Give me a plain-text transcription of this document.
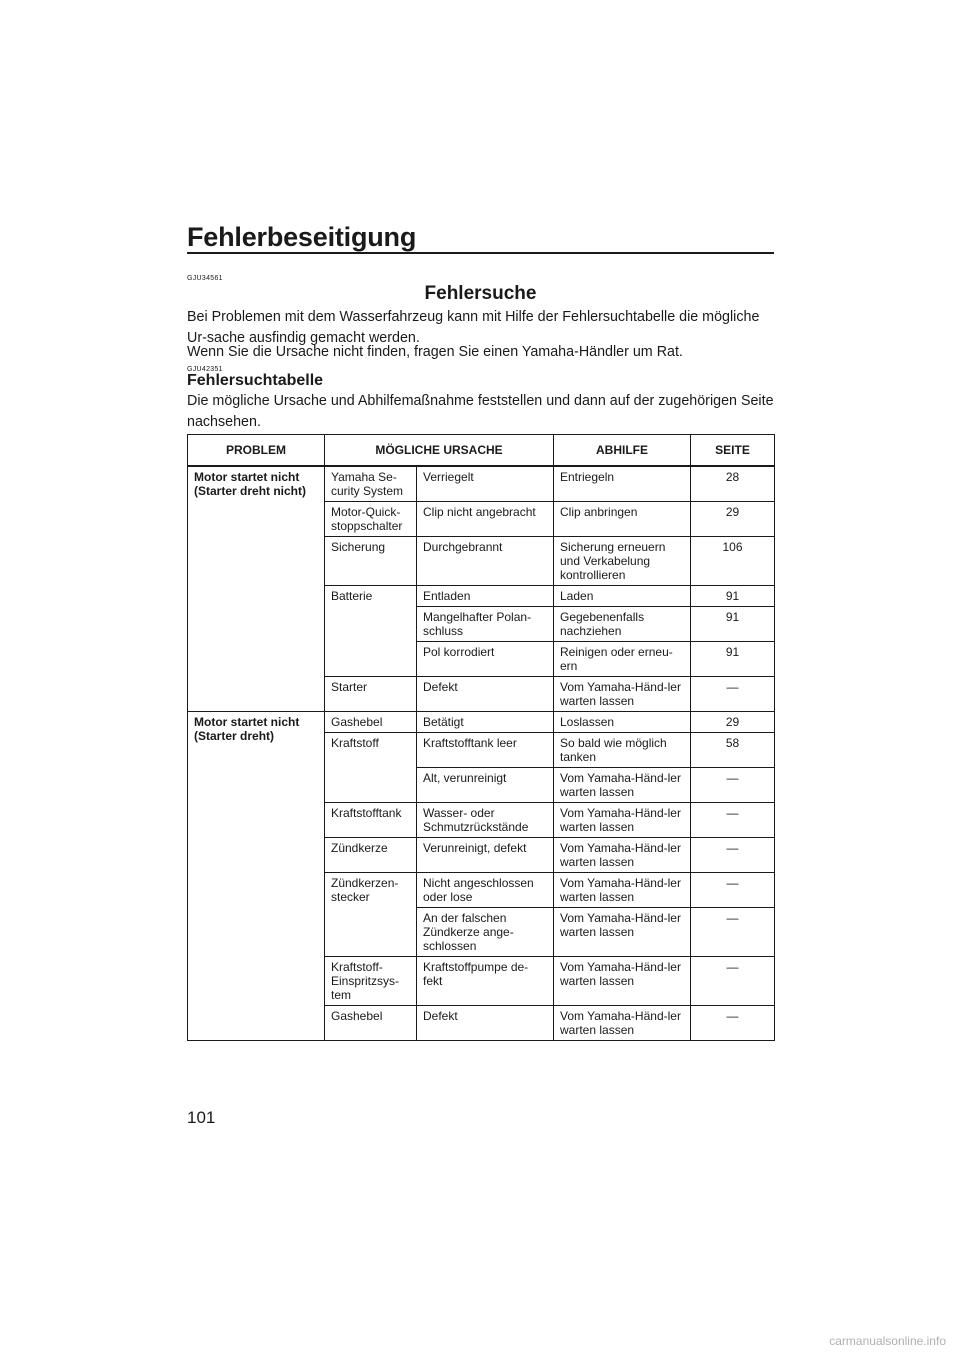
Fehlerbeseitigung
GJU34561
Fehlersuche

Bei Problemen mit dem Wasserfahrzeug kann mit Hilfe der Fehlersuchtabelle die mögliche Ur-sache ausfindig gemacht werden.

Wenn Sie die Ursache nicht finden, fragen Sie einen Yamaha-Händler um Rat.

GJU42351
Fehlersuchtabelle

Die mögliche Ursache und Abhilfemaßnahme feststellen und dann auf der zugehörigen Seite nachsehen.

PROBLEM	MÖGLICHE URSACHE		ABHILFE	SEITE
Motor startet nicht (Starter dreht nicht)	Yamaha Se-curity System	Verriegelt	Entriegeln	28
	Motor-Quick-stoppschalter	Clip nicht angebracht	Clip anbringen	29
	Sicherung	Durchgebrannt	Sicherung erneuern und Verkabelung kontrollieren	106
	Batterie	Entladen	Laden	91
		Mangelhafter Polan-schluss	Gegebenenfalls nachziehen	91
		Pol korrodiert	Reinigen oder erneu-ern	91
	Starter	Defekt	Vom Yamaha-Händ-ler warten lassen	—
Motor startet nicht (Starter dreht)	Gashebel	Betätigt	Loslassen	29
	Kraftstoff	Kraftstofftank leer	So bald wie möglich tanken	58
		Alt, verunreinigt	Vom Yamaha-Händ-ler warten lassen	—
	Kraftstofftank	Wasser- oder Schmutzrückstände	Vom Yamaha-Händ-ler warten lassen	—
	Zündkerze	Verunreinigt, defekt	Vom Yamaha-Händ-ler warten lassen	—
	Zündkerzen-stecker	Nicht angeschlossen oder lose	Vom Yamaha-Händ-ler warten lassen	—
		An der falschen Zündkerze ange-schlossen	Vom Yamaha-Händ-ler warten lassen	—
	Kraftstoff-Einspritzsys-tem	Kraftstoffpumpe de-fekt	Vom Yamaha-Händ-ler warten lassen	—
	Gashebel	Defekt	Vom Yamaha-Händ-ler warten lassen	—
101
carmanualsonline.info
